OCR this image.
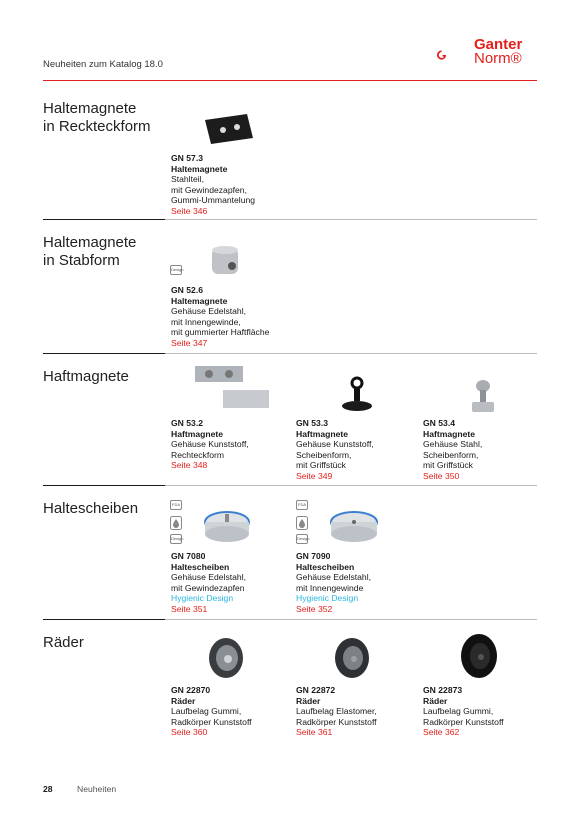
Neuheiten zum Katalog 18.0
Ganter
Norm®
Haltemagnete
in Reckteckform
GN 57.3
Haltemagnete
Stahlteil,
mit Gewindezapfen,
Gummi-Ummantelung
Seite 346
Haltemagnete
in Stabform
Design
GN 52.6
Haltemagnete
Gehäuse Edelstahl,
mit Innengewinde,
mit gummierter Haftfläche
Seite 347
Haftmagnete
GN 53.2
Haftmagnete
Gehäuse Kunststoff,
Rechteckform
Seite 348
GN 53.3
Haftmagnete
Gehäuse Kunststoff,
Scheibenform,
mit Griffstück
Seite 349
GN 53.4
Haftmagnete
Gehäuse Stahl,
Scheibenform,
mit Griffstück
Seite 350
Haltescheiben	FDA
Design
GN 7080
Haltescheiben
Gehäuse Edelstahl,
mit Gewindezapfen
Hygienic Design
Seite 351
FDA
Design
GN 7090
Haltescheiben
Gehäuse Edelstahl,
mit Innengewinde
Hygienic Design
Seite 352
Räder
GN 22870
Räder
Laufbelag Gummi,
Radkörper Kunststoff
Seite 360
GN 22872
Räder
Laufbelag Elastomer,
Radkörper Kunststoff
Seite 361
GN 22873
Räder
Laufbelag Gummi,
Radkörper Kunststoff
Seite 362
28	Neuheiten
